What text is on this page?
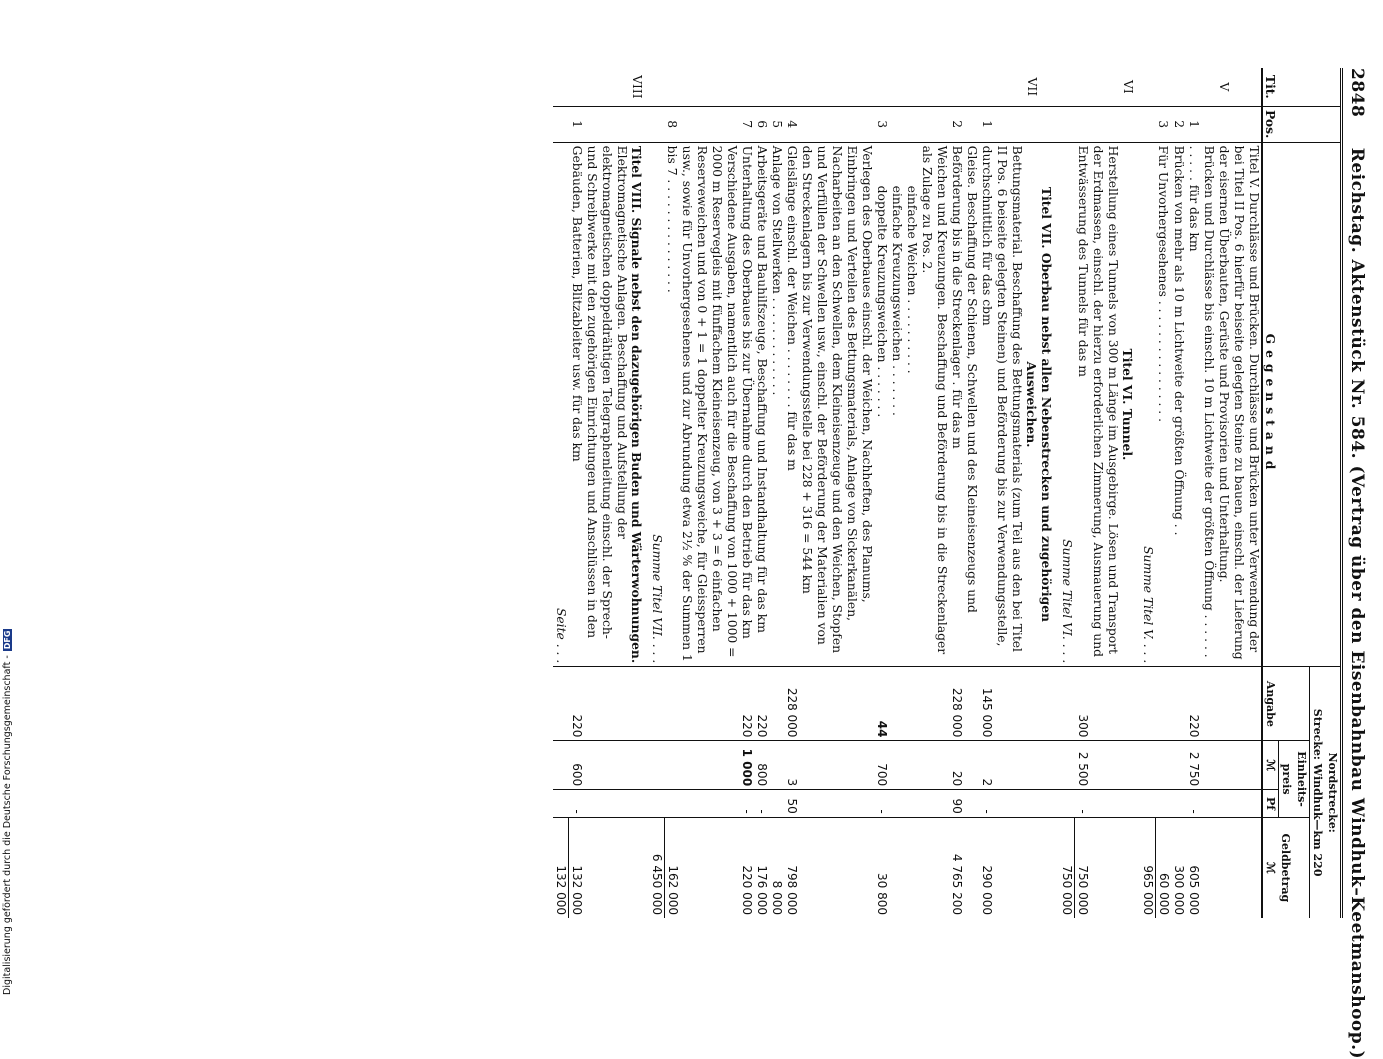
2848 Reichstag. Aktenstück Nr. 584. (Vertrag über den Eisenbahnbau Windhuk–Keetmanshoop.)
Tit.	Pos.	Gegenstand	Nordstrecke:
Strecke: Windhuk—km 220			

			Angabe	Einheits-preis		Geldbetrag
ℳ

				ℳ	Pf	
V		Titel V. Durchlässe und Brücken. Durchlässe und Brücken unter Verwendung der bei Titel II Pos. 6 hierfür beiseite gelegten Steine zu bauen, einschl. der Lieferung der eisernen Überbauten, Gerüste und Provisorien und Unterhaltung.				
	1	Brücken und Durchlässe bis einschl. 10 m Lichtweite der größten Öffnung . . . . . . . . . . . für das km	220	2 750	-	605 000
	2	Brücken von mehr als 10 m Lichtweite der größten Öffnung . .				300 000
	3	Für Unvorhergesehenes . . . . . . . . . . . . . . . .				60 000
		Summe Titel V. . . .				965 000
VI		Titel VI. Tunnel.				
		Herstellung eines Tunnels von 300 m Länge im Ausgebirge. Lösen und Transport der Erdmassen, einschl. der hierzu erforderlichen Zimmerung, Ausmauerung und Entwässerung des Tunnels für das m	300	2 500	-	750 000
		Summe Titel VI. . . .				750 000
VII		Titel VII. Oberbau nebst allen Nebenstrecken und zugehörigen Ausweichen.				
	1	Bettungsmaterial. Beschaffung des Bettungsmaterials (zum Teil aus den bei Titel II Pos. 6 beiseite gelegten Steinen) und Beförderung bis zur Verwendungsstelle, durchschnittlich für das cbm	145 000	2	-	290 000
	2	Gleise. Beschaffung der Schienen, Schwellen und des Kleineisenzeugs und Beförderung bis in die Streckenlager . für das m	228 000	20	90	4 765 200
	3	Weichen und Kreuzungen. Beschaffung und Beförderung bis in die Streckenlager als Zulage zu Pos. 2.
einfache Weichen . . . . . . . . . .
einfache Kreuzungsweichen . . . . . . .
doppelte Kreuzungsweichen . . . . . . .	44	700	-	30 800
	4	Verlegen des Oberbaues einschl. der Weichen, Nachheften, des Planums, Einbringen und Verteilen des Bettungsmaterials, Anlage von Sickerkanälen, Nacharbeiten an den Schwellen, dem Kleineisenzeuge und den Weichen, Stopfen und Verfüllen der Schwellen usw., einschl. der Beförderung der Materialien von den Streckenlagern bis zur Verwendungsstelle bei 228 + 316 = 544 km Gleislänge einschl. der Weichen . . . . . . . . für das m	228 000	3	50	798 000
	5	Anlage von Stellwerken . . . . . . . . . . . . .				8 000
	6	Arbeitsgeräte und Bauhilfszeuge, Beschaffung und Instandhaltung für das km	220	800	-	176 000
	7	Unterhaltung des Oberbaues bis zur Übernahme durch den Betrieb für das km	220	1 000	-	220 000
	8	Verschiedene Ausgaben, namentlich auch für die Beschaffung von 1000 + 1000 = 2000 m Reservegleis mit fünffachem Kleineisenzeug, von 3 + 3 = 6 einfachen Reserveweichen und von 0 + 1 = 1 doppelter Kreuzungsweiche, für Gleissperren usw., sowie für Unvorhergesehenes und zur Abrundung etwa 2½ % der Summen 1 bis 7 . . . . . . . . . . . . . . .				162 000
		Summe Titel VII. . . .				6 450 000
VIII		Titel VIII. Signale nebst den dazugehörigen Buden und Wärterwohnungen.				
	1	Elektromagnetische Anlagen. Beschaffung und Aufstellung der elektromagnetischen doppeldrähtigen Telegraphenleitung einschl. der Sprech- und Schreibwerke mit den zugehörigen Einrichtungen und Anschlüssen in den Gebäuden, Batterien, Blitzableiter usw. für das km	220	600	-	132 000
		Seite . . .				132 000
Digitalisierung gefördert durch die Deutsche Forschungsgemeinschaft -DFG
